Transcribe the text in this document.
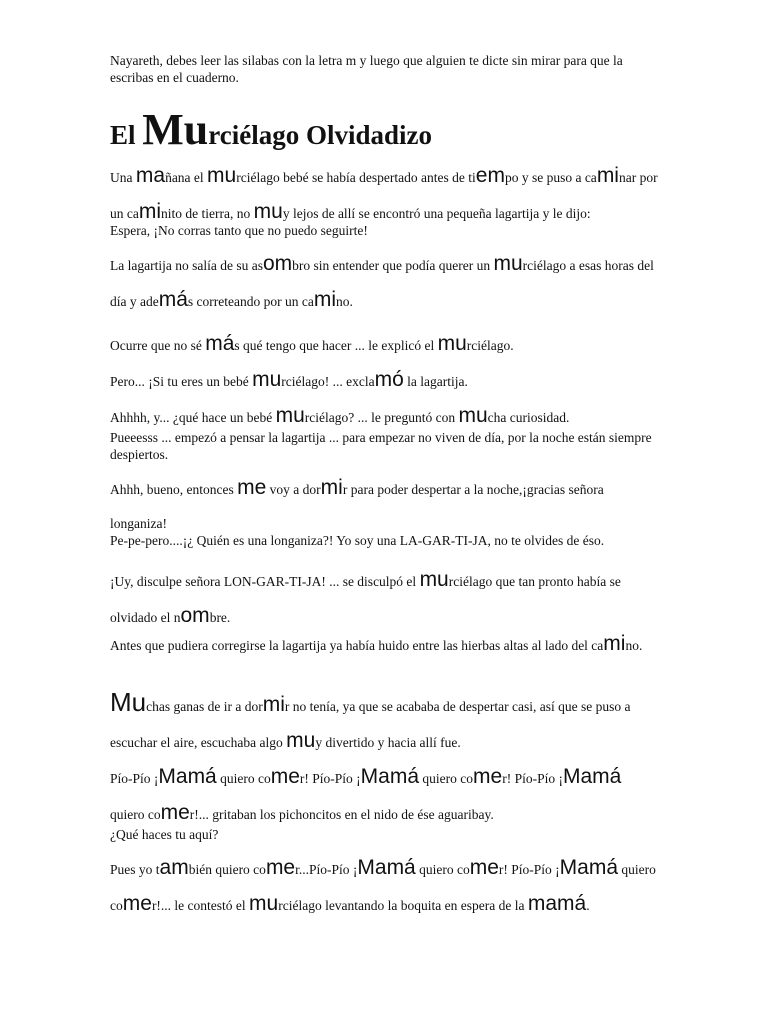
Nayareth, debes leer las silabas con la letra m y luego que alguien te dicte sin mirar para que la escribas en el cuaderno.

El Murciélago Olvidadizo

Una mañana el murciélago bebé se había despertado antes de tiempo y se puso a caminar por un caminito de tierra, no muy lejos de allí se encontró una pequeña lagartija y le dijo:

Espera, ¡No corras tanto que no puedo seguirte!

La lagartija no salía de su asombro sin entender que podía querer un murciélago a esas horas del día y además correteando por un camino.

Ocurre que no sé más qué tengo que hacer ... le explicó el murciélago.

Pero... ¡Si tu eres un bebé murciélago! ... exclamó la lagartija.

Ahhhh, y... ¿qué hace un bebé murciélago? ... le preguntó con mucha curiosidad.

Pueeesss ... empezó a pensar la lagartija ... para empezar no viven de día, por la noche están siempre despiertos.

Ahhh, bueno, entonces me voy a dormir para poder despertar a la noche,¡gracias señora longaniza!

Pe-pe-pero....¡¿ Quién es una longaniza?! Yo soy una LA-GAR-TI-JA, no te olvides de éso.

¡Uy, disculpe señora LON-GAR-TI-JA! ... se disculpó el murciélago que tan pronto había se olvidado el nombre.

Antes que pudiera corregirse la lagartija ya había huido entre las hierbas altas al lado del camino.

Muchas ganas de ir a dormir no tenía, ya que se acababa de despertar casi, así que se puso a escuchar el aire, escuchaba algo muy divertido y hacia allí fue.

Pío-Pío ¡Mamá quiero comer! Pío-Pío ¡Mamá quiero comer! Pío-Pío ¡Mamá quiero comer!... gritaban los pichoncitos en el nido de ése aguaribay.

¿Qué haces tu aquí?

Pues yo también quiero comer...Pío-Pío ¡Mamá quiero comer! Pío-Pío ¡Mamá quiero comer!... le contestó el murciélago levantando la boquita en espera de la mamá.
